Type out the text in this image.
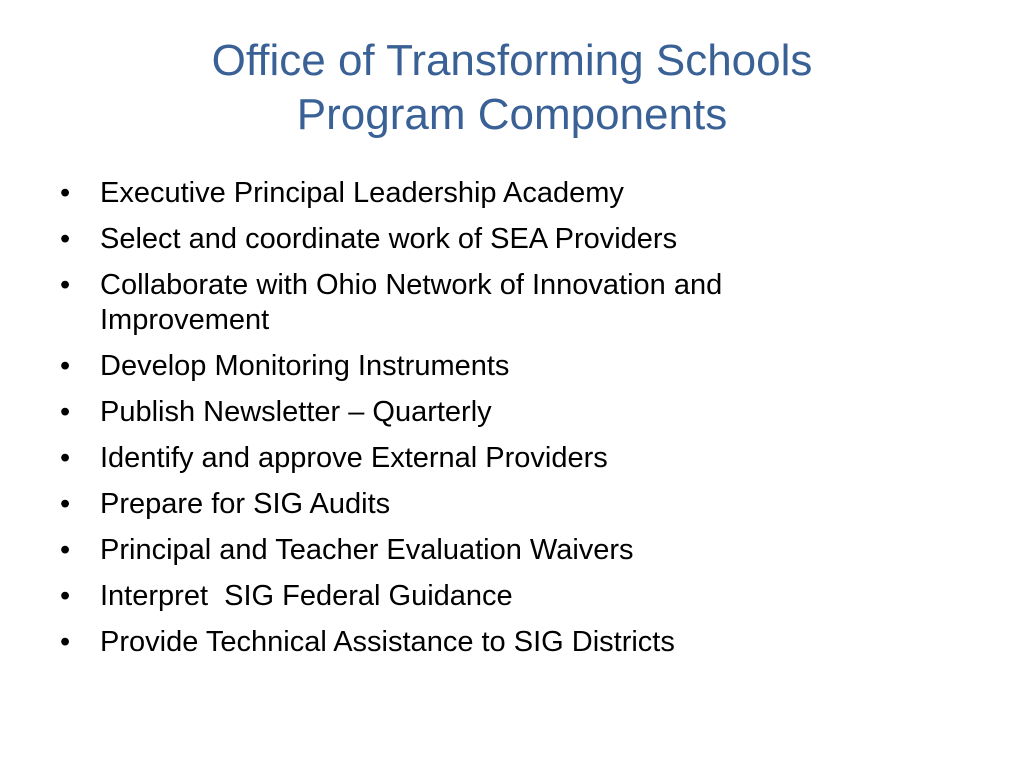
Office of Transforming Schools
Program Components
•	Executive Principal Leadership Academy
•	Select and coordinate work of SEA Providers
•	Collaborate with Ohio Network of Innovation and Improvement
•	Develop Monitoring Instruments
•	Publish Newsletter – Quarterly
•	Identify and approve External Providers
•	Prepare for SIG Audits
•	Principal and Teacher Evaluation Waivers
•	Interpret  SIG Federal Guidance
•	Provide Technical Assistance to SIG Districts
